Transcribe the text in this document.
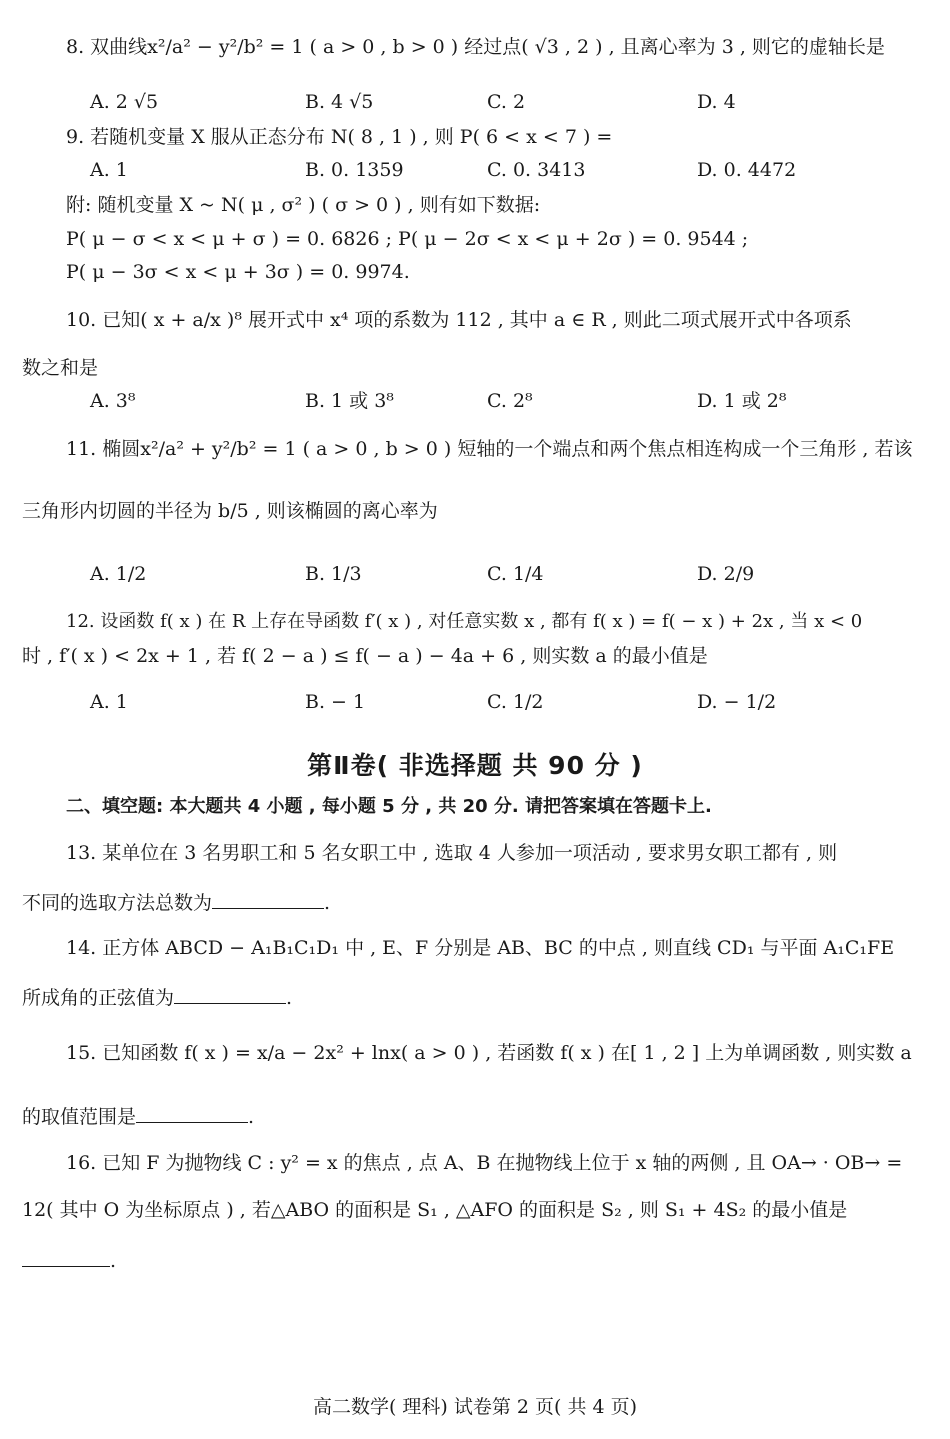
8. 双曲线x²/a² − y²/b² = 1 ( a > 0 , b > 0 ) 经过点( √3 , 2 ) , 且离心率为 3 , 则它的虚轴长是
A. 2 √5	B. 4 √5	C. 2	D. 4
9. 若随机变量 X 服从正态分布 N( 8 , 1 ) , 则 P( 6 < x < 7 ) =
A. 1	B. 0. 1359	C. 0. 3413	D. 0. 4472
附: 随机变量 X ~ N( μ , σ² ) ( σ > 0 ) , 则有如下数据:
P( μ − σ < x < μ + σ ) = 0. 6826 ; P( μ − 2σ < x < μ + 2σ ) = 0. 9544 ;
P( μ − 3σ < x < μ + 3σ ) = 0. 9974.
10. 已知( x + a/x )⁸ 展开式中 x⁴ 项的系数为 112 , 其中 a ∈ R , 则此二项式展开式中各项系
数之和是
A. 3⁸	B. 1 或 3⁸	C. 2⁸	D. 1 或 2⁸
11. 椭圆x²/a² + y²/b² = 1 ( a > 0 , b > 0 ) 短轴的一个端点和两个焦点相连构成一个三角形 , 若该
三角形内切圆的半径为 b/5 , 则该椭圆的离心率为
A. 1/2	B. 1/3	C. 1/4	D. 2/9
12. 设函数 f( x ) 在 R 上存在导函数 f′( x ) , 对任意实数 x , 都有 f( x ) = f( − x ) + 2x , 当 x < 0
时 , f′( x ) < 2x + 1 , 若 f( 2 − a ) ≤ f( − a ) − 4a + 6 , 则实数 a 的最小值是
A. 1	B. − 1	C. 1/2	D. − 1/2
第Ⅱ卷( 非选择题 共 90 分 )
二、填空题: 本大题共 4 小题 , 每小题 5 分 , 共 20 分. 请把答案填在答题卡上.
13. 某单位在 3 名男职工和 5 名女职工中 , 选取 4 人参加一项活动 , 要求男女职工都有 , 则
不同的选取方法总数为	.
14. 正方体 ABCD − A₁B₁C₁D₁ 中 , E、F 分别是 AB、BC 的中点 , 则直线 CD₁ 与平面 A₁C₁FE
所成角的正弦值为	.
15. 已知函数 f( x ) = x/a − 2x² + lnx( a > 0 ) , 若函数 f( x ) 在[ 1 , 2 ] 上为单调函数 , 则实数 a
的取值范围是	.
16. 已知 F 为抛物线 C : y² = x 的焦点 , 点 A、B 在抛物线上位于 x 轴的两侧 , 且 OA→ · OB→ =
12( 其中 O 为坐标原点 ) , 若△ABO 的面积是 S₁ , △AFO 的面积是 S₂ , 则 S₁ + 4S₂ 的最小值是
.
高二数学( 理科) 试卷第 2 页( 共 4 页)
